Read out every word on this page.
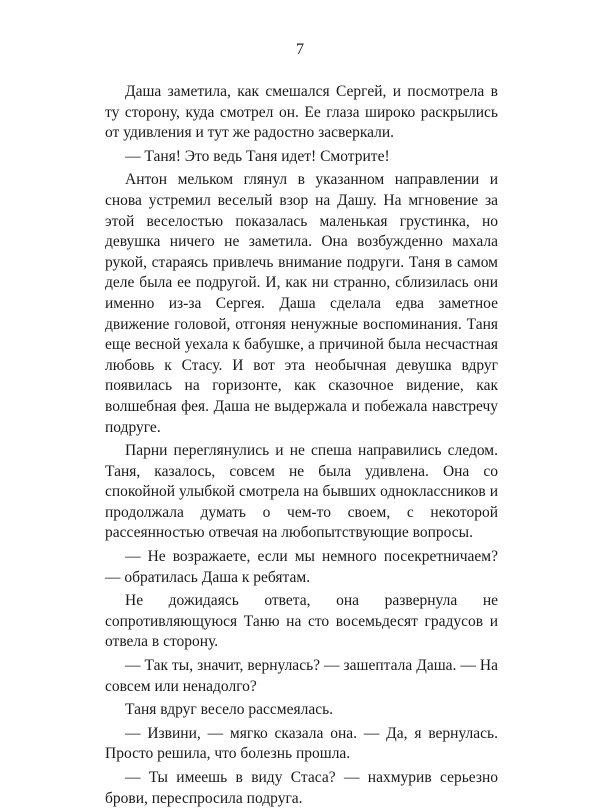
7

Даша заметила, как смешался Сергей, и посмотрела в ту сторону, куда смотрел он. Ее глаза широко раскрылись от удивления и тут же радостно засверкали.

— Таня! Это ведь Таня идет! Смотрите!

Антон мельком глянул в указанном направлении и снова устремил веселый взор на Дашу. На мгновение за этой веселостью показалась маленькая грустинка, но девушка ничего не заметила. Она возбужденно махала рукой, стараясь привлечь внимание подруги. Таня в самом деле была ее подругой. И, как ни странно, сблизилась они именно из-за Сергея. Даша сделала едва заметное движение головой, отгоняя ненужные воспоминания. Таня еще весной уехала к бабушке, а причиной была несчастная любовь к Стасу. И вот эта необычная девушка вдруг появилась на горизонте, как сказочное видение, как волшебная фея. Даша не выдержала и побежала навстречу подруге.

Парни переглянулись и не спеша направились следом. Таня, казалось, совсем не была удивлена. Она со спокойной улыбкой смотрела на бывших одноклассников и продолжала думать о чем-то своем, с некоторой рассеянностью отвечая на любопытствующие вопросы.

— Не возражаете, если мы немного посекретничаем? — обратилась Даша к ребятам.

Не дожидаясь ответа, она развернула не сопротивляющуюся Таню на сто восемьдесят градусов и отвела в сторону.

— Так ты, значит, вернулась? — зашептала Даша. — На совсем или ненадолго?

Таня вдруг весело рассмеялась.

— Извини, — мягко сказала она. — Да, я вернулась. Просто решила, что болезнь прошла.

— Ты имеешь в виду Стаса? — нахмурив серьезно брови, переспросила подруга.
